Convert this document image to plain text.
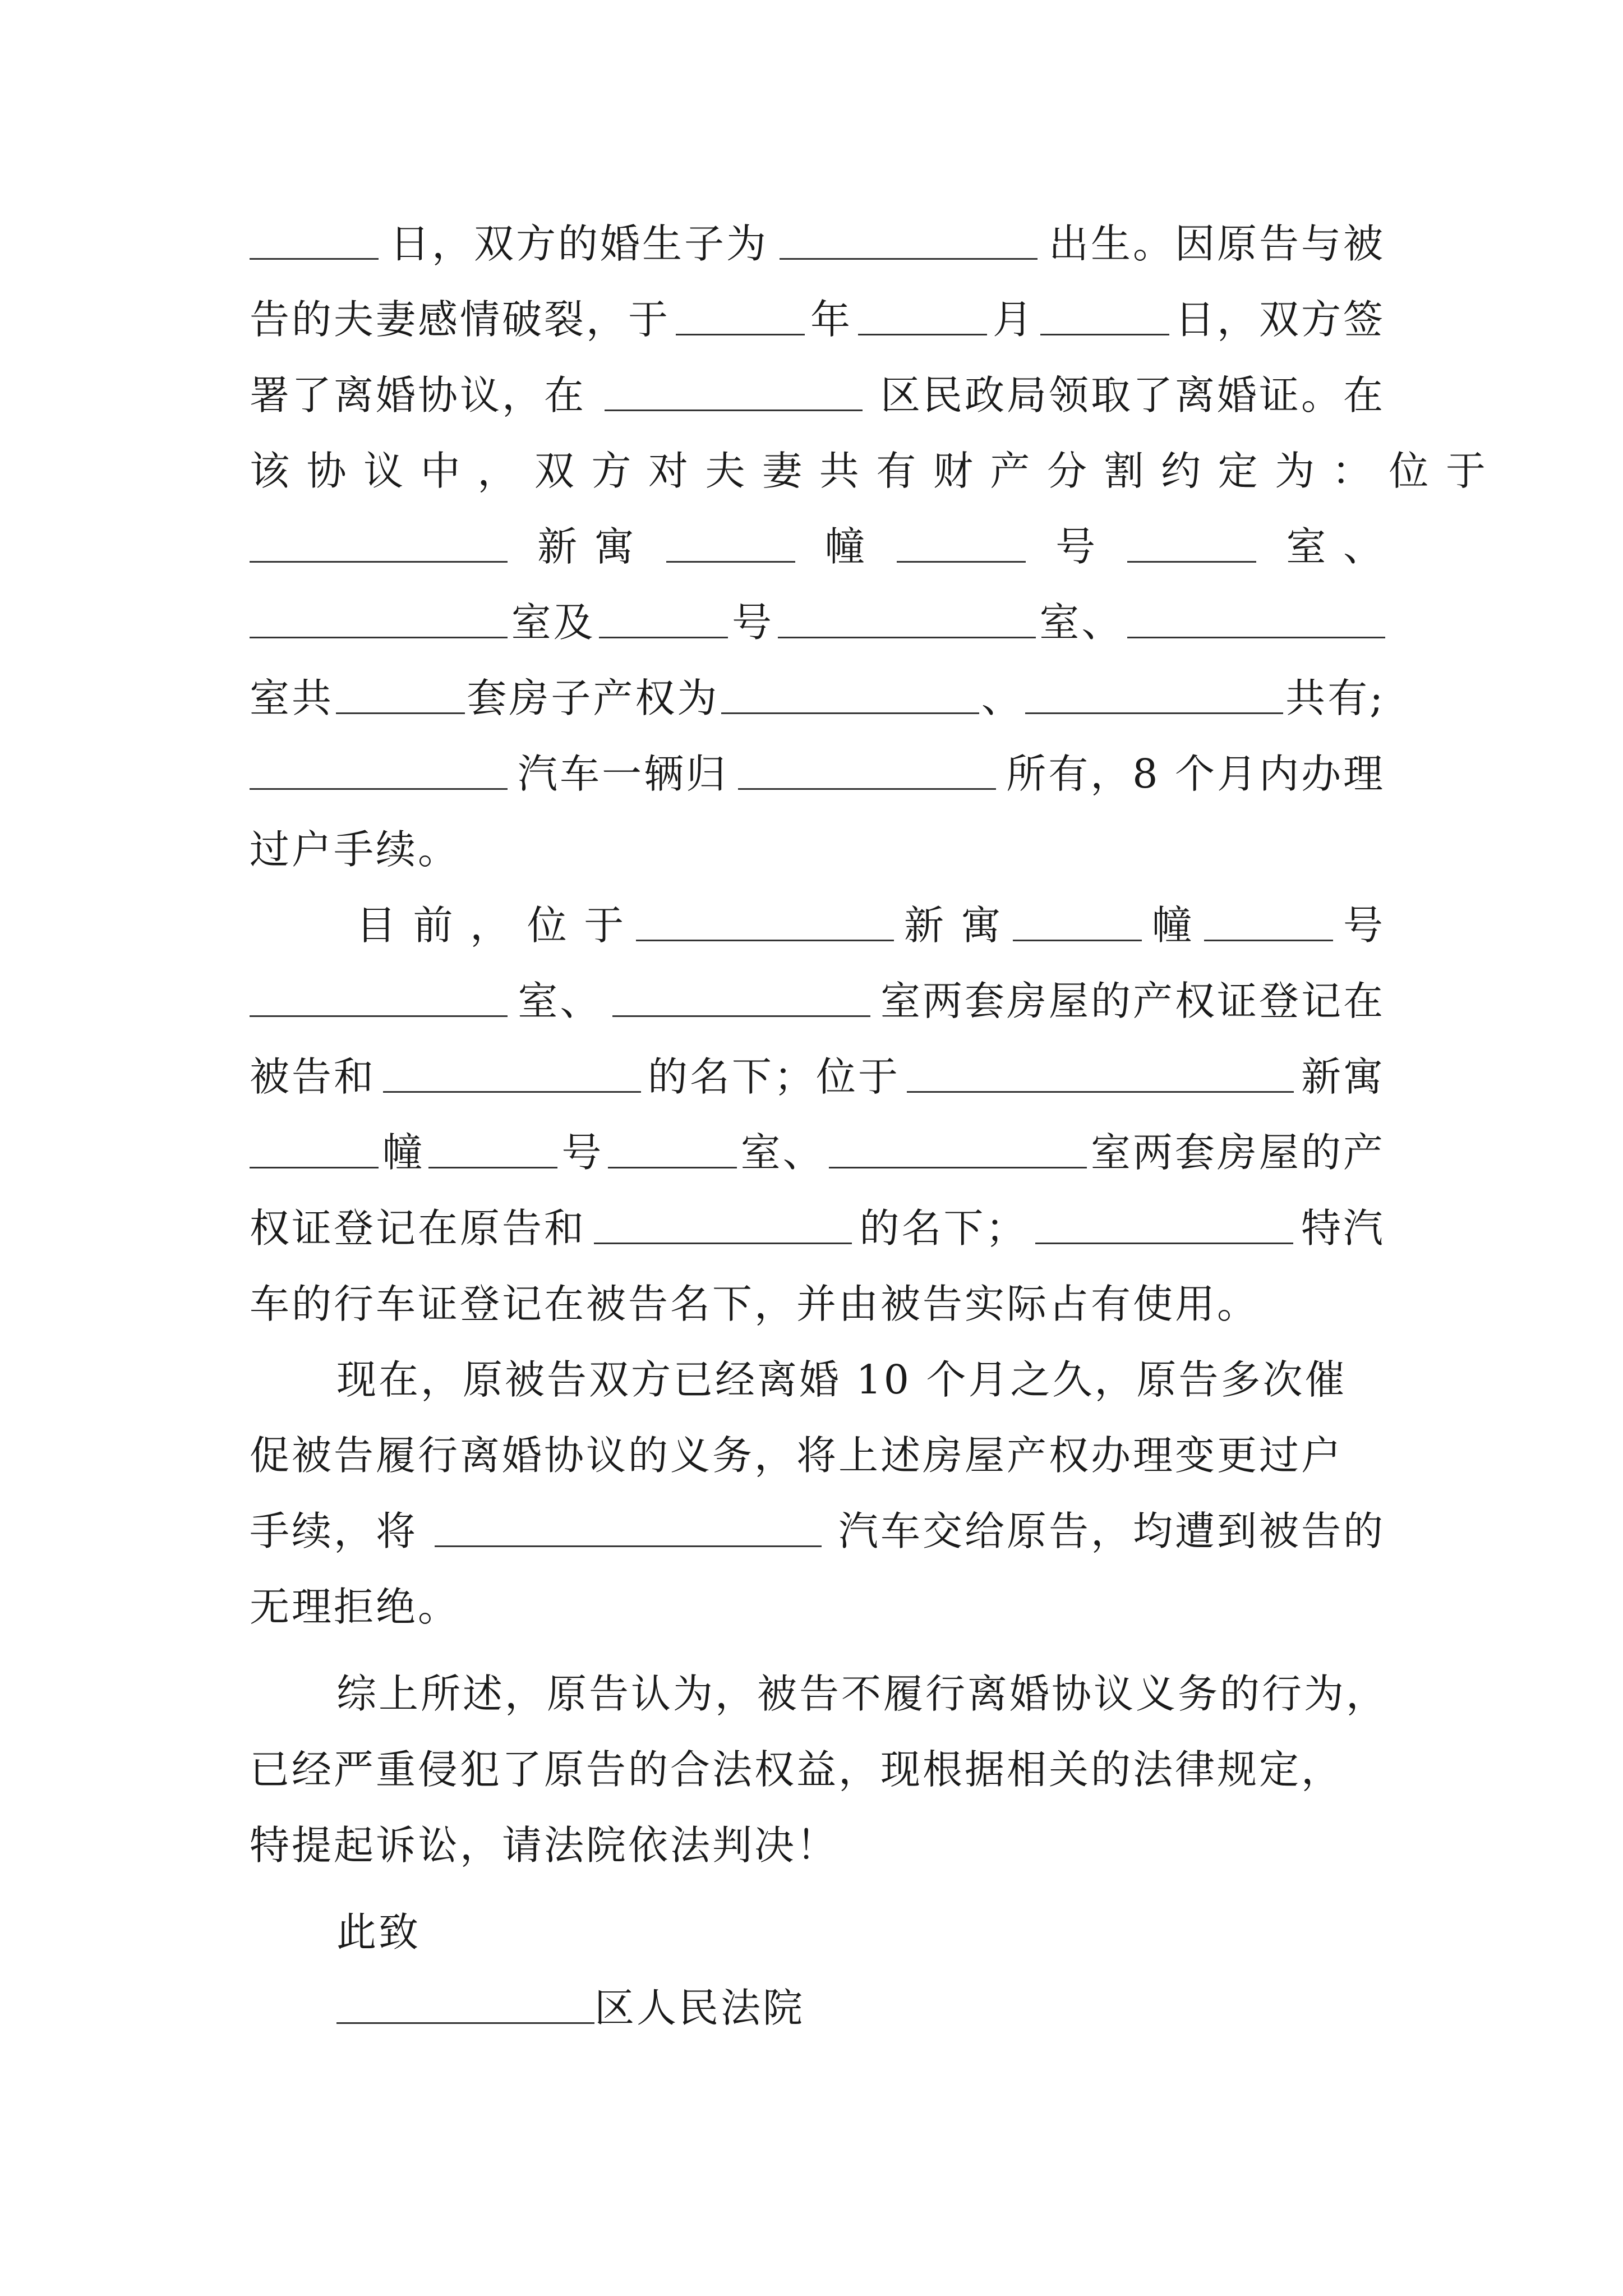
日，双方的婚生子为	出生。因原告与被
告的夫妻感情破裂，于	年	月	日，双方签
署了离婚协议，在	区民政局领取了离婚证。在
该 协 议 中 ， 双 方 对 夫 妻 共 有 财 产 分 割 约 定 为 ： 位 于
新 寓	幢	号	室 、
室及	号	室、
室共	套房子产权为	、	共有;
汽车一辆归	所有，8 个月内办理
过户手续。
目 前 ， 位 于	新 寓	幢	号
室、	室两套房屋的产权证登记在
被告和	的名下；位于	新寓
幢	号	室、	室两套房屋的产
权证登记在原告和	的名下；	特汽
车的行车证登记在被告名下，并由被告实际占有使用。
现在，原被告双方已经离婚 10 个月之久，原告多次催
促被告履行离婚协议的义务，将上述房屋产权办理变更过户
手续，将	汽车交给原告，均遭到被告的
无理拒绝。
综上所述，原告认为，被告不履行离婚协议义务的行为，
已经严重侵犯了原告的合法权益，现根据相关的法律规定，
特提起诉讼，请法院依法判决！
此致
区人民法院
